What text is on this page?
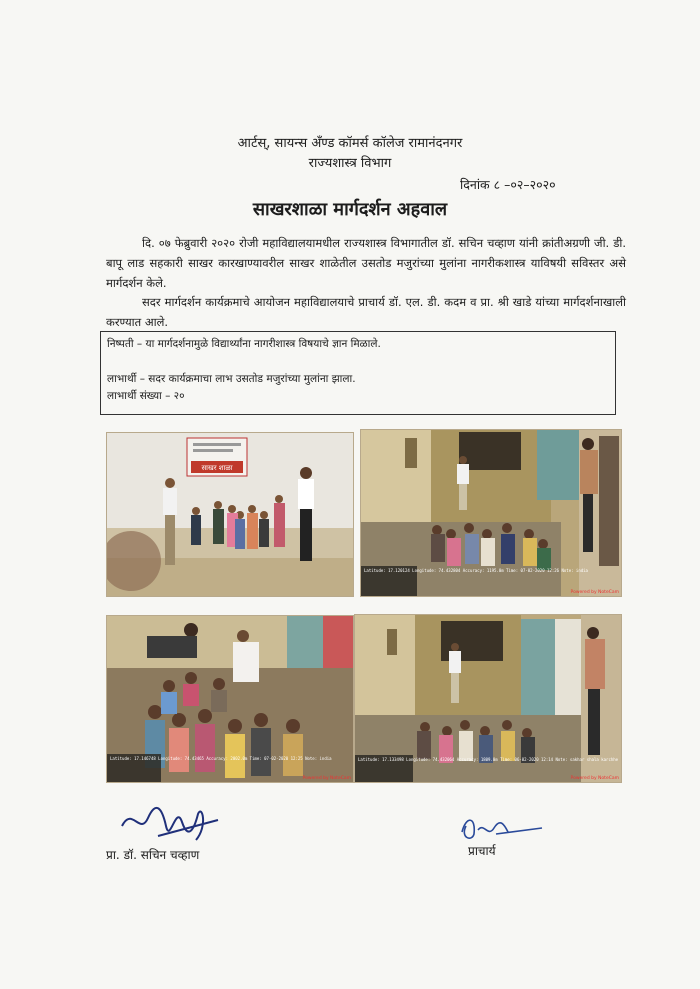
आर्टस्, सायन्स अँण्ड कॉमर्स कॉलेज रामानंदनगर
राज्यशास्त्र विभाग
दिनांक ८ –०२–२०२०
साखरशाळा मार्गदर्शन अहवाल
दि. ०७ फेब्रुवारी २०२० रोजी महाविद्यालयामधील राज्यशास्त्र विभागातील डॉ. सचिन चव्हाण यांनी क्रांतीअग्रणी जी. डी. बापू लाड सहकारी साखर कारखाण्यावरील साखर शाळेतील उसतोड मजुरांच्या मुलांना नागरीकशास्त्र याविषयी सविस्तर असे मार्गदर्शन केले.
सदर मार्गदर्शन कार्यक्रमाचे आयोजन महाविद्यालयाचे प्राचार्य डॉ. एल. डी. कदम व प्रा. श्री खाडे यांच्या मार्गदर्शनाखाली करण्यात आले.
निष्पती – या मार्गदर्शनामुळे विद्यार्थ्यांना नागरीशास्त्र विषयाचे ज्ञान मिळाले.
लाभार्थी – सदर कार्यक्रमाचा लाभ उसतोड मजुरांच्या मुलांना झाला.
लाभार्थी संख्या – २०
साखर शाळा
Latitude: 17.120124 Longitude: 74.432804 Accuracy: 1195.0m Time: 07-02-2020 12:26 Note: india
Powered by NoteCam
Latitude: 17.146748 Longitude: 74.43465 Accuracy: 2002.0m Time: 07-02-2020 12:25 Note: india
Powered by NoteCam
Latitude: 17.133498 Longitude: 74.432064 Accuracy: 1809.0m Time: 06-02-2020 12:14 Note: sakhar shala karchhe
Powered by NoteCam
प्रा. डॉ. सचिन चव्हाण	प्राचार्य
